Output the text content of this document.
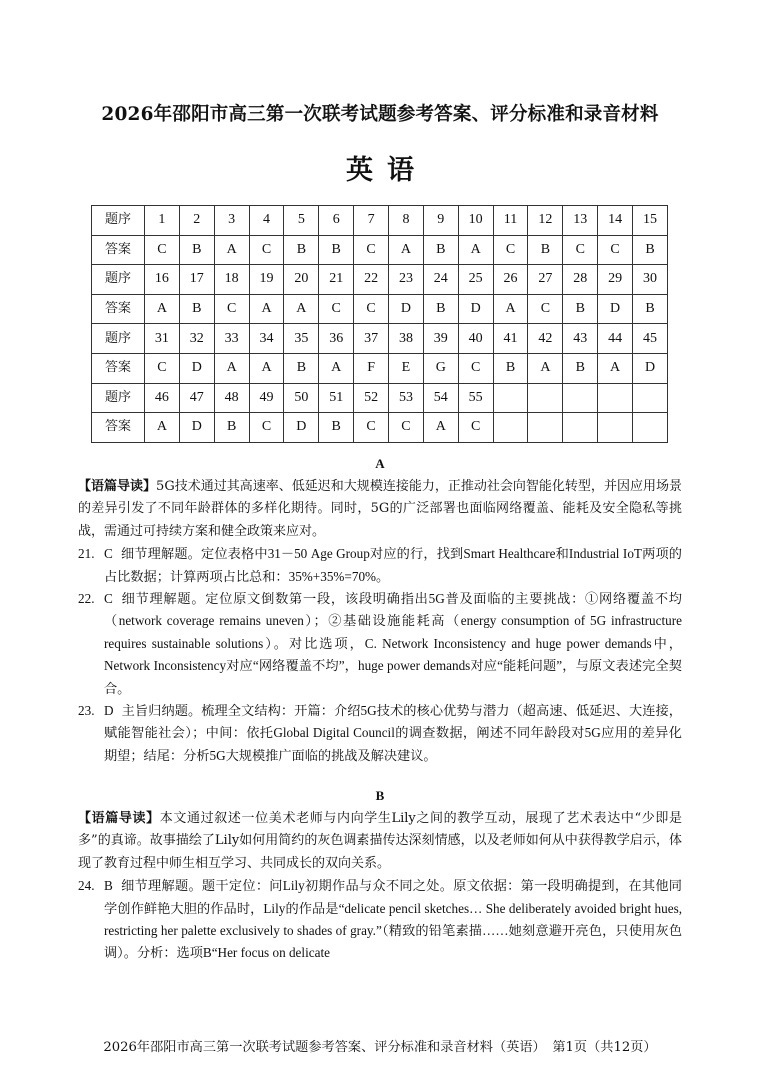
2026年邵阳市高三第一次联考试题参考答案、评分标准和录音材料
英语
题序	1	2	3	4	5	6	7	8	9	10	11	12	13	14	15
答案	C	B	A	C	B	B	C	A	B	A	C	B	C	C	B
题序	16	17	18	19	20	21	22	23	24	25	26	27	28	29	30
答案	A	B	C	A	A	C	C	D	B	D	A	C	B	D	B
题序	31	32	33	34	35	36	37	38	39	40	41	42	43	44	45
答案	C	D	A	A	B	A	F	E	G	C	B	A	B	A	D
题序	46	47	48	49	50	51	52	53	54	55					
答案	A	D	B	C	D	B	C	C	A	C					
A

【语篇导读】5G技术通过其高速率、低延迟和大规模连接能力，正推动社会向智能化转型，并因应用场景的差异引发了不同年龄群体的多样化期待。同时，5G的广泛部署也面临网络覆盖、能耗及安全隐私等挑战，需通过可持续方案和健全政策来应对。

21. C 细节理解题。定位表格中31－50 Age Group对应的行，找到Smart Healthcare和Industrial IoT两项的占比数据；计算两项占比总和：35%+35%=70%。

22. C 细节理解题。定位原文倒数第一段，该段明确指出5G普及面临的主要挑战：①网络覆盖不均（network coverage remains uneven）；②基础设施能耗高（energy consumption of 5G infrastructure requires sustainable solutions）。对比选项，C. Network Inconsistency and huge power demands中，Network Inconsistency对应“网络覆盖不均”，huge power demands对应“能耗问题”，与原文表述完全契合。

23. D 主旨归纳题。梳理全文结构：开篇：介绍5G技术的核心优势与潜力（超高速、低延迟、大连接，赋能智能社会）；中间：依托Global Digital Council的调查数据，阐述不同年龄段对5G应用的差异化期望；结尾：分析5G大规模推广面临的挑战及解决建议。

B

【语篇导读】本文通过叙述一位美术老师与内向学生Lily之间的教学互动，展现了艺术表达中“少即是多”的真谛。故事描绘了Lily如何用简约的灰色调素描传达深刻情感，以及老师如何从中获得教学启示，体现了教育过程中师生相互学习、共同成长的双向关系。

24. B 细节理解题。题干定位：问Lily初期作品与众不同之处。原文依据：第一段明确提到，在其他同学创作鲜艳大胆的作品时，Lily的作品是“delicate pencil sketches… She deliberately avoided bright hues, restricting her palette exclusively to shades of gray.”（精致的铅笔素描……她刻意避开亮色，只使用灰色调）。分析：选项B“Her focus on delicate

2026年邵阳市高三第一次联考试题参考答案、评分标准和录音材料（英语）　第1页（共12页）
